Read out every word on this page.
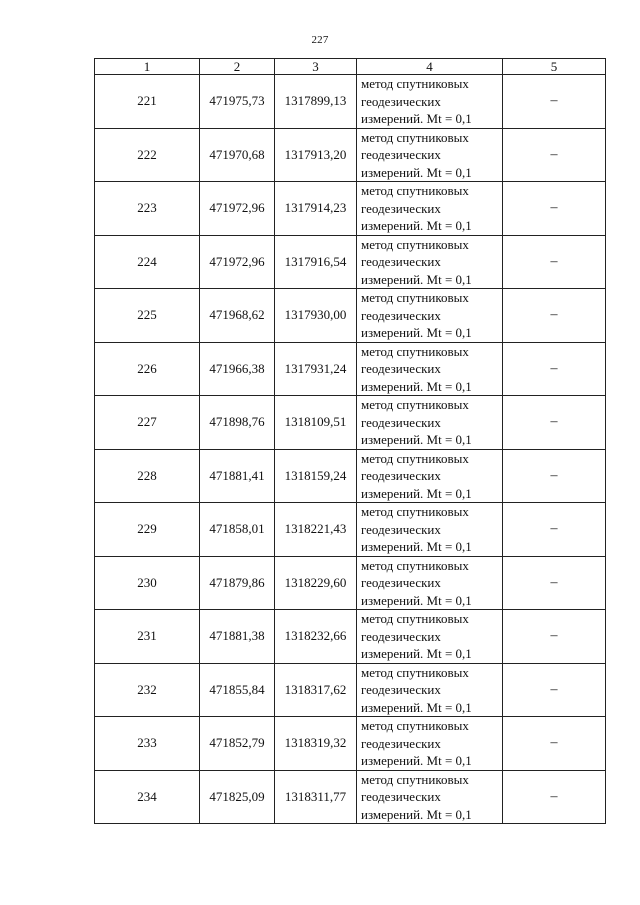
227
1	2	3	4	5
221	471975,73	1317899,13	метод спутниковых
геодезических
измерений. Mt = 0,1	–
222	471970,68	1317913,20	метод спутниковых
геодезических
измерений. Mt = 0,1	–
223	471972,96	1317914,23	метод спутниковых
геодезических
измерений. Mt = 0,1	–
224	471972,96	1317916,54	метод спутниковых
геодезических
измерений. Mt = 0,1	–
225	471968,62	1317930,00	метод спутниковых
геодезических
измерений. Mt = 0,1	–
226	471966,38	1317931,24	метод спутниковых
геодезических
измерений. Mt = 0,1	–
227	471898,76	1318109,51	метод спутниковых
геодезических
измерений. Mt = 0,1	–
228	471881,41	1318159,24	метод спутниковых
геодезических
измерений. Mt = 0,1	–
229	471858,01	1318221,43	метод спутниковых
геодезических
измерений. Mt = 0,1	–
230	471879,86	1318229,60	метод спутниковых
геодезических
измерений. Mt = 0,1	–
231	471881,38	1318232,66	метод спутниковых
геодезических
измерений. Mt = 0,1	–
232	471855,84	1318317,62	метод спутниковых
геодезических
измерений. Mt = 0,1	–
233	471852,79	1318319,32	метод спутниковых
геодезических
измерений. Mt = 0,1	–
234	471825,09	1318311,77	метод спутниковых
геодезических
измерений. Mt = 0,1	–
